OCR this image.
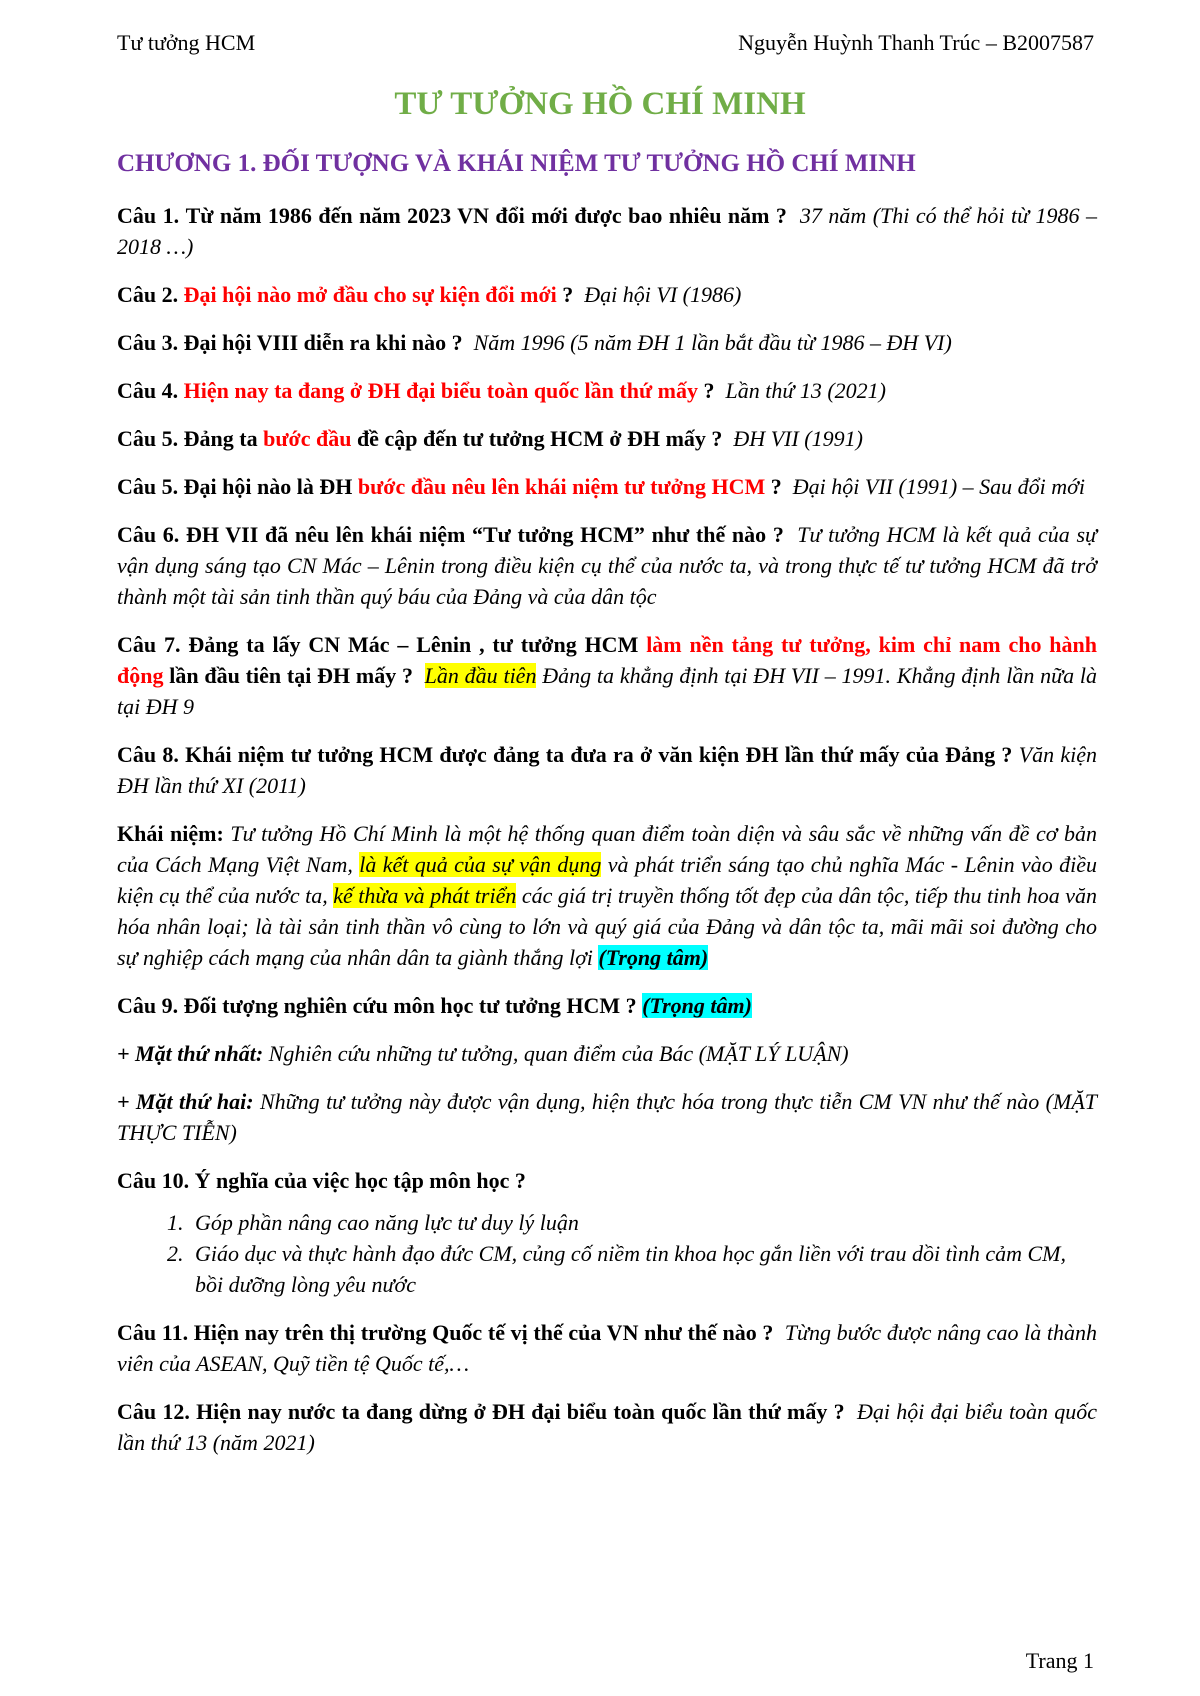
Tư tưởng HCM	Nguyễn Huỳnh Thanh Trúc – B2007587
TƯ TƯỞNG HỒ CHÍ MINH
CHƯƠNG 1. ĐỐI TƯỢNG VÀ KHÁI NIỆM TƯ TƯỞNG HỒ CHÍ MINH

Câu 1. Từ năm 1986 đến năm 2023 VN đổi mới được bao nhiêu năm ? 37 năm (Thi có thể hỏi từ 1986 – 2018 …)

Câu 2. Đại hội nào mở đầu cho sự kiện đổi mới ? Đại hội VI (1986)

Câu 3. Đại hội VIII diễn ra khi nào ? Năm 1996 (5 năm ĐH 1 lần bắt đầu từ 1986 – ĐH VI)

Câu 4. Hiện nay ta đang ở ĐH đại biểu toàn quốc lần thứ mấy ? Lần thứ 13 (2021)

Câu 5. Đảng ta bước đầu đề cập đến tư tưởng HCM ở ĐH mấy ? ĐH VII (1991)

Câu 5. Đại hội nào là ĐH bước đầu nêu lên khái niệm tư tưởng HCM ? Đại hội VII (1991) – Sau đổi mới

Câu 6. ĐH VII đã nêu lên khái niệm “Tư tưởng HCM” như thế nào ? Tư tưởng HCM là kết quả của sự vận dụng sáng tạo CN Mác – Lênin trong điều kiện cụ thể của nước ta, và trong thực tế tư tưởng HCM đã trở thành một tài sản tinh thần quý báu của Đảng và của dân tộc

Câu 7. Đảng ta lấy CN Mác – Lênin , tư tưởng HCM làm nền tảng tư tưởng, kim chỉ nam cho hành động lần đầu tiên tại ĐH mấy ? Lần đầu tiên Đảng ta khẳng định tại ĐH VII – 1991. Khẳng định lần nữa là tại ĐH 9

Câu 8. Khái niệm tư tưởng HCM được đảng ta đưa ra ở văn kiện ĐH lần thứ mấy của Đảng ? Văn kiện ĐH lần thứ XI (2011)

Khái niệm: Tư tưởng Hồ Chí Minh là một hệ thống quan điểm toàn diện và sâu sắc về những vấn đề cơ bản của Cách Mạng Việt Nam, là kết quả của sự vận dụng và phát triển sáng tạo chủ nghĩa Mác - Lênin vào điều kiện cụ thể của nước ta, kế thừa và phát triển các giá trị truyền thống tốt đẹp của dân tộc, tiếp thu tinh hoa văn hóa nhân loại; là tài sản tinh thần vô cùng to lớn và quý giá của Đảng và dân tộc ta, mãi mãi soi đường cho sự nghiệp cách mạng của nhân dân ta giành thắng lợi (Trọng tâm)

Câu 9. Đối tượng nghiên cứu môn học tư tưởng HCM ? (Trọng tâm)

+ Mặt thứ nhất: Nghiên cứu những tư tưởng, quan điểm của Bác (MẶT LÝ LUẬN)

+ Mặt thứ hai: Những tư tưởng này được vận dụng, hiện thực hóa trong thực tiễn CM VN như thế nào (MẶT THỰC TIỄN)

Câu 10. Ý nghĩa của việc học tập môn học ?

1. Góp phần nâng cao năng lực tư duy lý luận
2. Giáo dục và thực hành đạo đức CM, củng cố niềm tin khoa học gắn liền với trau dồi tình cảm CM, bồi dưỡng lòng yêu nước

Câu 11. Hiện nay trên thị trường Quốc tế vị thế của VN như thế nào ? Từng bước được nâng cao là thành viên của ASEAN, Quỹ tiền tệ Quốc tế,…

Câu 12. Hiện nay nước ta đang dừng ở ĐH đại biểu toàn quốc lần thứ mấy ? Đại hội đại biểu toàn quốc lần thứ 13 (năm 2021)

Trang 1
